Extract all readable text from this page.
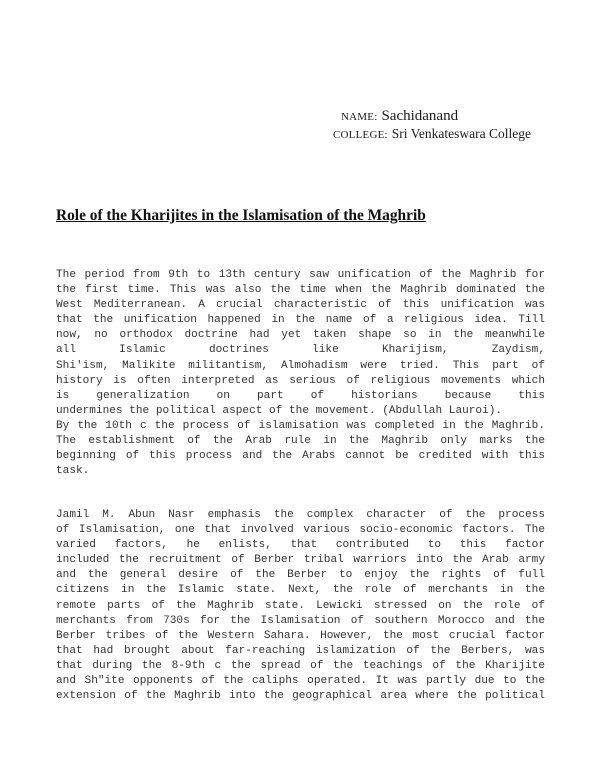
NAME: Sachidanand
COLLEGE: Sri Venkateswara College
Role of the Kharijites in the Islamisation of the Maghrib
The period from 9th to 13th century saw unification of the Maghrib for
the first time. This was also the time when the Maghrib dominated the
West Mediterranean. A crucial characteristic of this unification was
that the unification happened in the name of a religious idea. Till
now, no orthodox doctrine had yet taken shape so in the meanwhile
all Islamic doctrines like Kharijism, Zaydism,
Shi'ism, Malikite militantism, Almohadism were tried. This part of
history is often interpreted as serious of religious movements which
is generalization on part of historians because this
undermines the political aspect of the movement. (Abdullah Lauroi).
By the 10th c the process of islamisation was completed in the Maghrib.
The establishment of the Arab rule in the Maghrib only marks the
beginning of this process and the Arabs cannot be credited with this
task.
Jamil M. Abun Nasr emphasis the complex character of the process
of Islamisation, one that involved various socio-economic factors. The
varied factors, he enlists, that contributed to this factor
included the recruitment of Berber tribal warriors into the Arab army
and the general desire of the Berber to enjoy the rights of full
citizens in the Islamic state. Next, the role of merchants in the
remote parts of the Maghrib state. Lewicki stressed on the role of
merchants from 730s for the Islamisation of southern Morocco and the
Berber tribes of the Western Sahara. However, the most crucial factor
that had brought about far-reaching islamization of the Berbers, was
that during the 8-9th c the spread of the teachings of the Kharijite
and Sh"ite opponents of the caliphs operated. It was partly due to the
extension of the Maghrib into the geographical area where the political
